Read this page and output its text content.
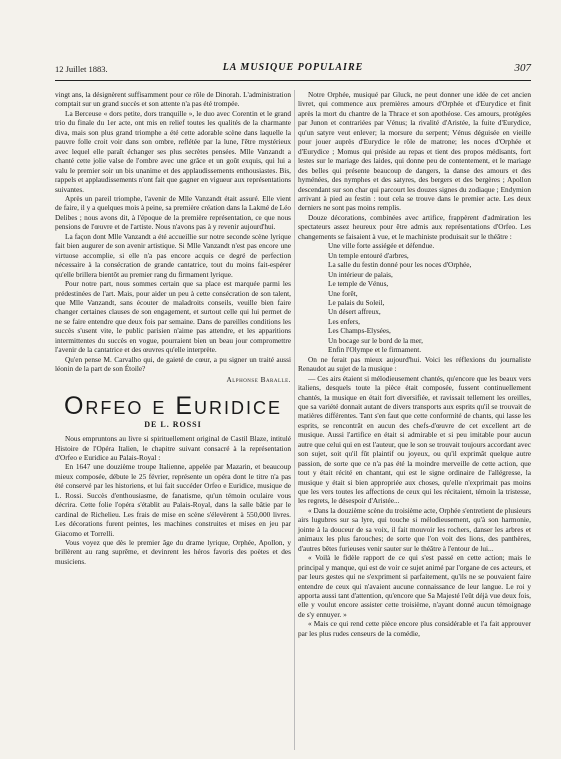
12 Juillet 1883.	LA MUSIQUE POPULAIRE	307

vingt ans, la désignèrent suffisamment pour ce rôle de Dinorah. L'administration comptait sur un grand succès et son attente n'a pas été trompée.

La Berceuse « dors petite, dors tranquille », le duo avec Corentin et le grand trio du finale du 1er acte, ont mis en relief toutes les qualités de la charmante diva, mais son plus grand triomphe a été cette adorable scène dans laquelle la pauvre folle croit voir dans son ombre, reflétée par la lune, l'être mystérieux avec lequel elle paraît échanger ses plus secrètes pensées. Mlle Vanzandt a chanté cette jolie valse de l'ombre avec une grâce et un goût exquis, qui lui a valu le premier soir un bis unanime et des applaudissements enthousiastes. Bis, rappels et applaudissements n'ont fait que gagner en vigueur aux représentations suivantes.

Après un pareil triomphe, l'avenir de Mlle Vanzandt était assuré. Elle vient de faire, il y a quelques mois à peine, sa première création dans la Lakmé de Léo Delibes ; nous avons dit, à l'époque de la première représentation, ce que nous pensions de l'œuvre et de l'artiste. Nous n'avons pas à y revenir aujourd'hui.

La façon dont Mlle Vanzandt a été accueillie sur notre seconde scène lyrique fait bien augurer de son avenir artistique. Si Mlle Vanzandt n'est pas encore une virtuose accomplie, si elle n'a pas encore acquis ce degré de perfection nécessaire à la consécration de grande cantatrice, tout du moins fait-espérer qu'elle brillera bientôt au premier rang du firmament lyrique.

Pour notre part, nous sommes certain que sa place est marquée parmi les prédestinées de l'art. Mais, pour aider un peu à cette consécration de son talent, que Mlle Vanzandt, sans écouter de maladroits conseils, veuille bien faire changer certaines clauses de son engagement, et surtout celle qui lui permet de ne se faire entendre que deux fois par semaine. Dans de pareilles conditions les succès s'usent vite, le public parisien n'aime pas attendre, et les apparitions intermittentes du succès en vogue, pourraient bien un beau jour compromettre l'avenir de la cantatrice et des œuvres qu'elle interprète.

Qu'en pense M. Carvalho qui, de gaieté de cœur, a pu signer un traité aussi léonin de la part de son Étoile?

Alphonse Baralle.

Orfeo e Euridice
DE L. ROSSI

Nous empruntons au livre si spirituellement original de Castil Blaze, intitulé Histoire de l'Opéra Italien, le chapitre suivant consacré à la représentation d'Orfeo e Euridice au Palais-Royal :

En 1647 une douzième troupe Italienne, appelée par Mazarin, et beaucoup mieux composée, débute le 25 février, représente un opéra dont le titre n'a pas été conservé par les historiens, et lui fait succéder Orfeo e Euridice, musique de L. Rossi. Succès d'enthousiasme, de fanatisme, qu'un témoin oculaire vous décrira. Cette folie l'opéra s'établit au Palais-Royal, dans la salle bâtie par le cardinal de Richelieu. Les frais de mise en scène s'élevèrent à 550,000 livres. Les décorations furent peintes, les machines construites et mises en jeu par Giacomo et Torrelli.

Vous voyez que dès le premier âge du drame lyrique, Orphée, Apollon, y brillèrent au rang suprême, et devinrent les héros favoris des poètes et des musiciens.

Notre Orphée, musiqué par Gluck, ne peut donner une idée de cet ancien livret, qui commence aux premières amours d'Orphée et d'Eurydice et finit après la mort du chantre de la Thrace et son apothéose. Ces amours, protégées par Junon et contrariées par Vénus; la rivalité d'Aristée, la fuite d'Eurydice, qu'un satyre veut enlever; la morsure du serpent; Vénus déguisée en vieille pour jouer auprès d'Eurydice le rôle de matrone; les noces d'Orphée et d'Eurydice ; Momus qui préside au repas et tient des propos médisants, fort lestes sur le mariage des laides, qui donne peu de contentement, et le mariage des belles qui présente beaucoup de dangers, la danse des amours et des hyménées, des nymphes et des satyres, des bergers et des bergères ; Apollon descendant sur son char qui parcourt les douzes signes du zodiaque ; Endymion arrivant à pied au festin : tout cela se trouve dans le premier acte. Les deux derniers ne sont pas moins remplis.

Douze décorations, combinées avec artifice, frappèrent d'admiration les spectateurs assez heureux pour être admis aux représentations d'Orfeo. Les changements se faisaient à vue, et le machiniste produisait sur le théâtre :

Une ville forte assiégée et défendue.
Un temple entouré d'arbres,
La salle du festin donné pour les noces d'Orphée,
Un intérieur de palais,
Le temple de Vénus,
Une forêt,
Le palais du Soleil,
Un désert affreux,
Les enfers,
Les Champs-Elysées,
Un bocage sur le bord de la mer,
Enfin l'Olympe et le firmament.

On ne ferait pas mieux aujourd'hui. Voici les réflexions du journaliste Renaudot au sujet de la musique :

— Ces airs étaient si mélodieusement chantés, qu'encore que les beaux vers italiens, desquels toute la pièce était composée, fussent continuellement chantés, la musique en était fort diversifiée, et ravissait tellement les oreilles, que sa variété donnait autant de divers transports aux esprits qu'il se trouvait de matières différentes. Tant s'en faut que cette conformité de chants, qui lasse les esprits, se rencontrât en aucun des chefs-d'œuvre de cet excellent art de musique. Aussi l'artifice en était si admirable et si peu imitable pour aucun autre que celui qui en est l'auteur, que le son se trouvait toujours accordant avec son sujet, soit qu'il fût plaintif ou joyeux, ou qu'il exprimât quelque autre passion, de sorte que ce n'a pas été la moindre merveille de cette action, que tout y était récité en chantant, qui est le signe ordinaire de l'allégresse, la musique y était si bien appropriée aux choses, qu'elle n'exprimait pas moins que les vers toutes les affections de ceux qui les récitaient, témoin la tristesse, les regrets, le désespoir d'Aristée...

« Dans la douzième scène du troisième acte, Orphée s'entretient de plusieurs airs lugubres sur sa lyre, qui touche si mélodieusement, qu'à son harmonie, jointe à la douceur de sa voix, il fait mouvoir les rochers, danser les arbres et animaux les plus farouches; de sorte que l'on voit des lions, des panthères, d'autres bêtes furieuses venir sauter sur le théâtre à l'entour de lui...

« Voilà le fidèle rapport de ce qui s'est passé en cette action; mais le principal y manque, qui est de voir ce sujet animé par l'organe de ces acteurs, et par leurs gestes qui ne s'expriment si parfaitement, qu'ils ne se pouvaient faire entendre de ceux qui n'avaient aucune connaissance de leur langue. Le roi y apporta aussi tant d'attention, qu'encore que Sa Majesté l'eût déjà vue deux fois, elle y voulut encore assister cette troisième, n'ayant donné aucun témoignage de s'y ennuyer. »

« Mais ce qui rend cette pièce encore plus considérable et l'a fait approuver par les plus rudes censeurs de la comédie,
